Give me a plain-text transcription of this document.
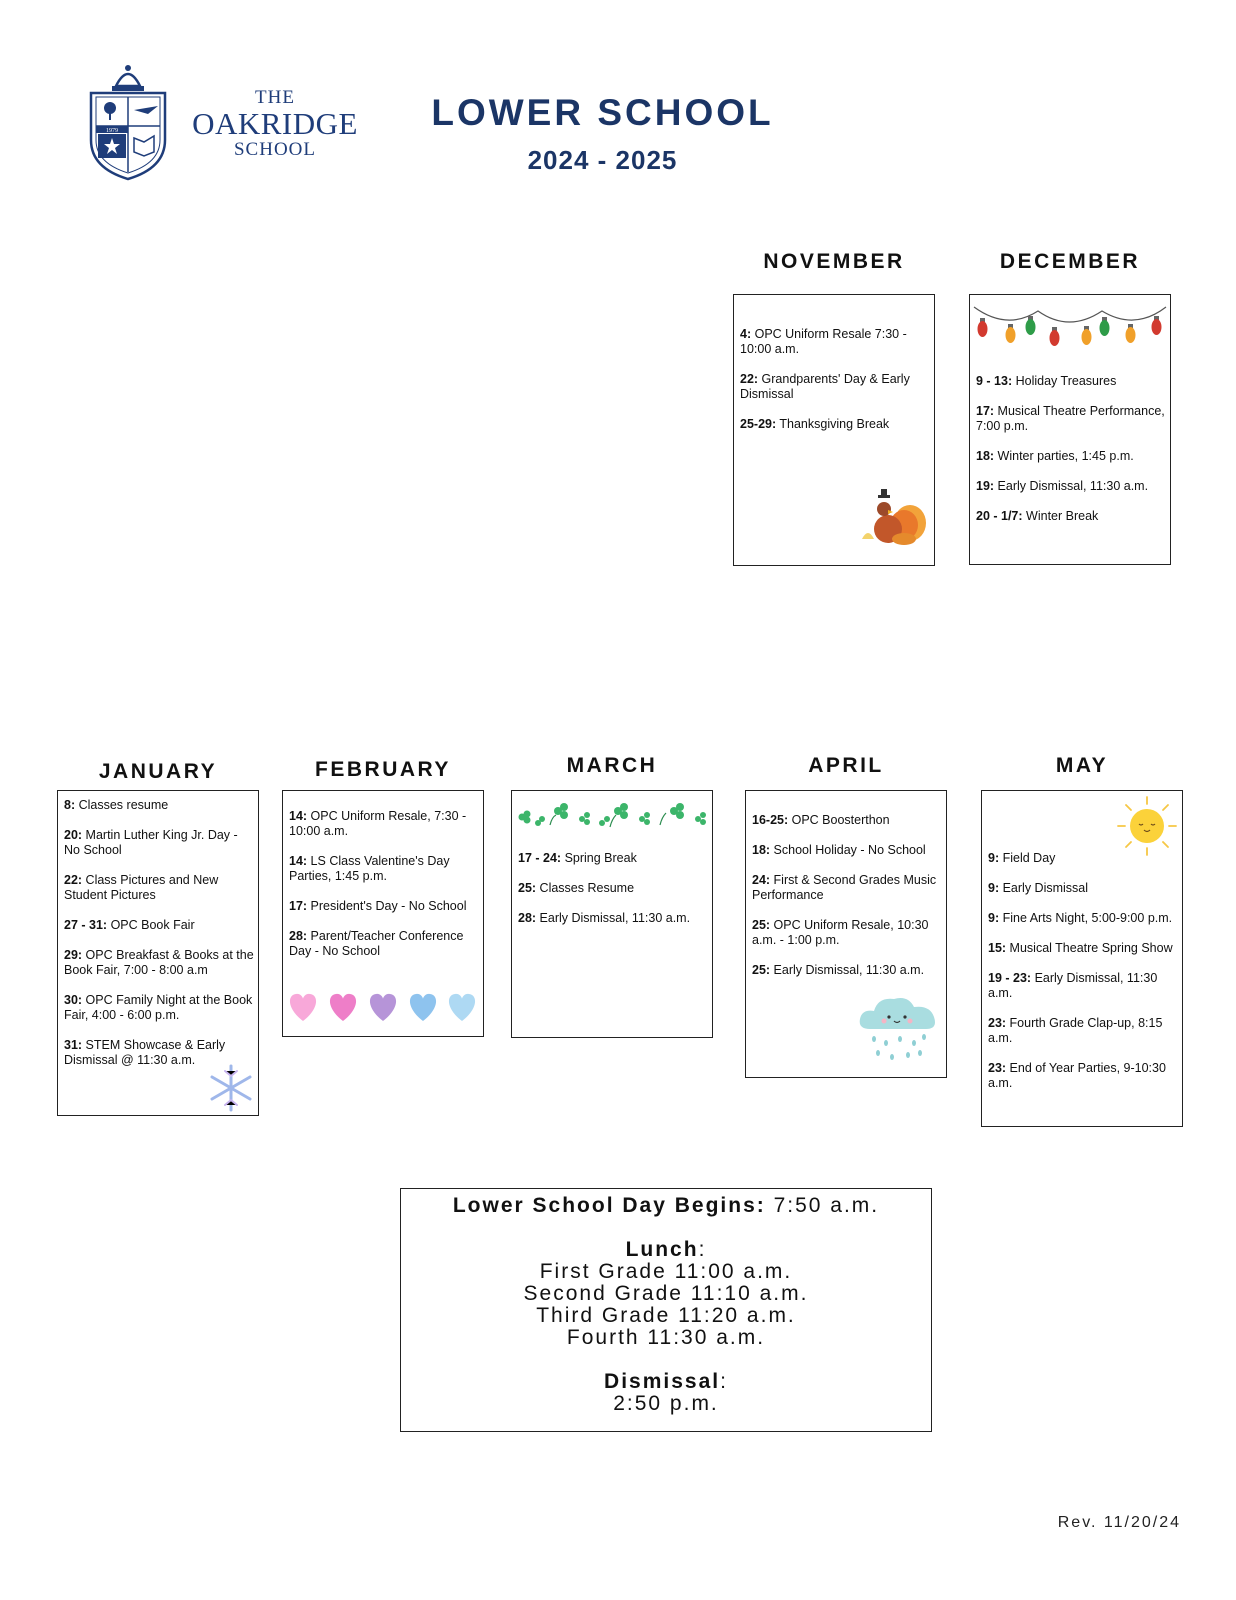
1979
THE
OAKRIDGE
SCHOOL
LOWER SCHOOL
2024 - 2025
NOVEMBER
4: OPC Uniform Resale 7:30 - 10:00 a.m.
22: Grandparents' Day & Early Dismissal
25-29: Thanksgiving Break
DECEMBER
9 - 13: Holiday Treasures
17: Musical Theatre Performance, 7:00 p.m.
18: Winter parties, 1:45 p.m.
19: Early Dismissal, 11:30 a.m.
20 - 1/7: Winter Break
JANUARY
8: Classes resume
20: Martin Luther King Jr. Day - No School
22: Class Pictures and New Student Pictures
27 - 31: OPC Book Fair
29: OPC Breakfast & Books at the Book Fair, 7:00 - 8:00 a.m
30: OPC Family Night at the Book Fair, 4:00 - 6:00 p.m.
31: STEM Showcase & Early Dismissal @ 11:30 a.m.
FEBRUARY
14: OPC Uniform Resale, 7:30 - 10:00 a.m.
14: LS Class Valentine's Day Parties, 1:45 p.m.
17: President's Day - No School
28: Parent/Teacher Conference Day - No School
MARCH
17 - 24: Spring Break
25: Classes Resume
28: Early Dismissal, 11:30 a.m.
APRIL
16-25: OPC Boosterthon
18: School Holiday - No School
24: First & Second Grades Music Performance
25: OPC Uniform Resale, 10:30 a.m. - 1:00 p.m.
25: Early Dismissal, 11:30 a.m.
MAY
9: Field Day
9: Early Dismissal
9: Fine Arts Night, 5:00-9:00 p.m.
15: Musical Theatre Spring Show
19 - 23: Early Dismissal, 11:30 a.m.
23: Fourth Grade Clap-up, 8:15 a.m.
23: End of Year Parties, 9-10:30 a.m.
Lower School Day Begins: 7:50 a.m.
Lunch:
First Grade 11:00 a.m.
Second Grade 11:10 a.m.
Third Grade 11:20 a.m.
Fourth 11:30 a.m.
Dismissal:
2:50 p.m.
Rev. 11/20/24
